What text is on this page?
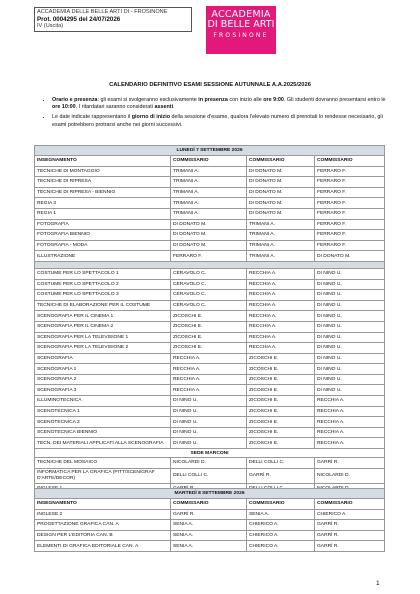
ACCADEMIA DELLE BELLE ARTI DI - FROSINONE
Prot. 0004295 del 24/07/2026
IV (Uscita)
ACCADEMIA
DI BELLE ARTI
FROSINONE
CALENDARIO DEFINITIVO ESAMI SESSIONE AUTUNNALE A.A.2025/2026
• Orario e presenza: gli esami si svolgeranno esclusivamente in presenza con inizio alle ore 9:00. Gli studenti dovranno presentarsi entro le ore 10:00. I ritardatari saranno considerati assenti.
• Le date indicate rappresentano il giorno di inizio della sessione d'esame, qualora l'elevato numero di prenotati lo rendesse necessario, gli esami potrebbero protrarsi anche nei giorni successivi.
LUNEDÌ 7 SETTEMBRE 2026			
INSEGNAMENTO	COMMISSARIO	COMMISSARIO	COMMISSARIO
TECNICHE DI MONTAGGIO	TRIMANI A.	DI DONATO M.	FERRARO F.
TECNICHE DI RIPRESA	TRIMANI A.	DI DONATO M.	FERRARO F.
TECNICHE DI RIPRESA - BIENNIO	TRIMANI A.	DI DONATO M.	FERRARO F.
REGIA 3	TRIMANI A.	DI DONATO M.	FERRARO F.
REGIA 1	TRIMANI A.	DI DONATO M.	FERRARO F.
FOTOGRAFIA	DI DONATO M.	TRIMANI A.	FERRARO F.
FOTOGRAFIA BIENNIO	DI DONATO M.	TRIMANI A.	FERRARO F.
FOTOGRAFIA - MODA	DI DONATO M.	TRIMANI A.	FERRARO F.
ILLUSTRAZIONE	FERRARO F.	TRIMANI A.	DI DONATO M.

COSTUME PER LO SPETTACOLO 1	CERAVOLO C.	RECCHIA A.	DI NINO U.
COSTUME PER LO SPETTACOLO 2	CERAVOLO C.	RECCHIA A.	DI NINO U.
COSTUME PER LO SPETTACOLO 3	CERAVOLO C.	RECCHIA A.	DI NINO U.
TECNICHE DI ELABORAZIONE PER IL COSTUME	CERAVOLO C.	RECCHIA A.	DI NINO U.
SCENOGRAFIA PER IL CINEMA 1	ZICOSCHI E.	RECCHIA A.	DI NINO U.
SCENOGRAFIA PER IL CINEMA 2	ZICOSCHI E.	RECCHIA A.	DI NINO U.
SCENOGRAFIA PER LA TELEVISIONE 1	ZICOSCHI E.	RECCHIA A.	DI NINO U.
SCENOGRAFIA PER LA TELEVISIONE 2	ZICOSCHI E.	RECCHIA A.	DI NINO U.
SCENOGRAFIA	RECCHIA A.	ZICOSCHI E.	DI NINO U.
SCENOGRAFIA 1	RECCHIA A.	ZICOSCHI E.	DI NINO U.
SCENOGRAFIA 2	RECCHIA A.	ZICOSCHI E.	DI NINO U.
SCENOGRAFIA 3	RECCHIA A.	ZICOSCHI E.	DI NINO U.
ILLUMINOTECNICA	DI NINO U.	ZICOSCHI E.	RECCHIA A.
SCENOTECNICA 1	DI NINO U.	ZICOSCHI E.	RECCHIA A.
SCENOTECNICA 2	DI NINO U.	ZICOSCHI E.	RECCHIA A.
SCENOTECNICA BIENNIO	DI NINO U.	ZICOSCHI E.	RECCHIA A.
TECN. DEI MATERIALI APPLICATI ALLA SCENOGRAFIA	DI NINO U.	ZICOSCHI E.	RECCHIA A.
SEDE MARCONI			
TECNICHE DEL MOSAICO	NICOLARDI D.	DELLI COLLI C.	GARRÌ R.
INFORMATICA PER LA GRAFICA (PITT/SCEN/GRAF D'ARTE/DECOR)	DELLI COLLI C.	GARRÌ R.	NICOLARDI D.

MARTEDÌ 8 SETTEMBRE 2026			
INSEGNAMENTO	COMMISSARIO	COMMISSARIO	COMMISSARIO
INGLESE 2	GARRÌ R.	SENIA A.	CHIERICO A.
PROGETTAZIONE GRAFICA CAN. A	SENIA A.	CHIERICO A.	GARRÌ R.
DESIGN PER L'EDITORIA CAN. B	SENIA A.	CHIERICO A.	GARRÌ R.
ELEMENTI DI GRAFICA EDITORIALE CAN. A	SENIA A.	CHIERICO A.	GARRÌ R.
1
